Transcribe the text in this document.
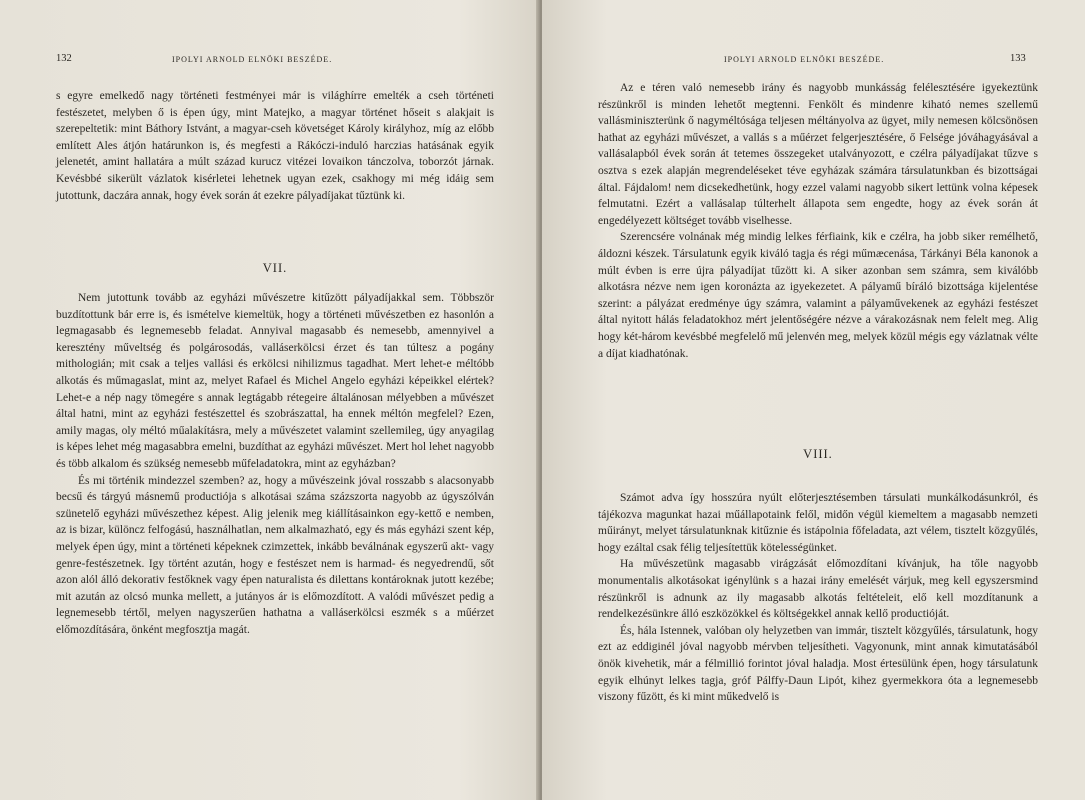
132	IPOLYI ARNOLD ELNÖKI BESZÉDE.

s egyre emelkedő nagy történeti festményei már is világhírre emelték a cseh történeti festészetet, melyben ő is épen úgy, mint Matejko, a magyar történet hőseit s alakjait is szerepeltetik: mint Báthory Istvánt, a magyar-cseh követséget Károly királyhoz, míg az előbb említett Ales átjón határunkon is, és megfesti a Rákóczi-induló harczias hatásának egyik jelenetét, amint hallatára a múlt század kurucz vitézei lovaikon tánczolva, toborzót járnak. Kevésbbé sikerült vázlatok kisérletei lehetnek ugyan ezek, csakhogy mi még idáig sem jutottunk, daczára annak, hogy évek során át ezekre pályadíjakat tűztünk ki.

VII.

Nem jutottunk tovább az egyházi művészetre kitűzött pályadíjakkal sem. Többször buzdítottunk bár erre is, és ismételve kiemeltük, hogy a történeti művészetben ez hasonlón a legmagasabb és legnemesebb feladat. Annyival magasabb és nemesebb, amennyivel a keresztény műveltség és polgárosodás, valláserkölcsi érzet és tan túltesz a pogány mithologián; mit csak a teljes vallási és erkölcsi nihilizmus tagadhat. Mert lehet-e méltóbb alkotás és műmagaslat, mint az, melyet Rafael és Michel Angelo egyházi képeikkel elértek? Lehet-e a nép nagy tömegére s annak legtágabb rétegeire általánosan mélyebben a művészet által hatni, mint az egyházi festészettel és szobrászattal, ha ennek méltón megfelel? Ezen, amily magas, oly méltó műalakításra, mely a művészetet valamint szellemileg, úgy anyagilag is képes lehet még magasabbra emelni, buzdíthat az egyházi művészet. Mert hol lehet nagyobb és több alkalom és szükség nemesebb műfeladatokra, mint az egyházban?

És mi történik mindezzel szemben? az, hogy a művészeink jóval rosszabb s alacsonyabb becsű és tárgyú másnemű productiója s alkotásai száma százszorta nagyobb az úgyszólván szünetelő egyházi művészethez képest. Alig jelenik meg kiállításainkon egy-kettő e nemben, az is bizar, különcz felfogású, használhatlan, nem alkalmazható, egy és más egyházi szent kép, melyek épen úgy, mint a történeti képeknek czimzettek, inkább beválnának egyszerű akt- vagy genre-festészetnek. Igy történt azután, hogy e festészet nem is harmad- és negyedrendű, sőt azon alól álló dekorativ festőknek vagy épen naturalista és dilettans kontároknak jutott kezébe; mit azután az olcsó munka mellett, a jutányos ár is előmozdított. A valódi művészet pedig a legnemesebb tértől, melyen nagyszerűen hathatna a valláserkölcsi eszmék s a műérzet előmozdítására, önként megfosztja magát.

IPOLYI ARNOLD ELNÖKI BESZÉDE.	133

Az e téren való nemesebb irány és nagyobb munkásság felélesztésére igyekeztünk részünkről is minden lehetőt megtenni. Fenkölt és mindenre kiható nemes szellemű vallásminiszterünk ő nagyméltósága teljesen méltányolva az ügyet, mily nemesen kölcsönösen hathat az egyházi művészet, a vallás s a műérzet felgerjesztésére, ő Felsége jóváhagyásával a vallásalapból évek során át tetemes összegeket utalványozott, e czélra pályadíjakat tűzve s osztva s ezek alapján megrendeléseket téve egyházak számára társulatunkban és bizottságai által. Fájdalom! nem dicsekedhetünk, hogy ezzel valami nagyobb sikert lettünk volna képesek felmutatni. Ezért a vallásalap túlterhelt állapota sem engedte, hogy az évek során át engedélyezett költséget tovább viselhesse.

Szerencsére volnának még mindig lelkes férfiaink, kik e czélra, ha jobb siker remélhető, áldozni készek. Társulatunk egyik kiváló tagja és régi műmæcenása, Tárkányi Béla kanonok a múlt évben is erre újra pályadíjat tűzött ki. A siker azonban sem számra, sem kiválóbb alkotásra nézve nem igen koronázta az igyekezetet. A pályamű bíráló bizottsága kijelentése szerint: a pályázat eredménye úgy számra, valamint a pályaművekenek az egyházi festészet által nyitott hálás feladatokhoz mért jelentőségére nézve a várakozásnak nem felelt meg. Alig hogy két-három kevésbbé megfelelő mű jelenvén meg, melyek közül mégis egy vázlatnak vélte a díjat kiadhatónak.

VIII.

Számot adva így hosszúra nyúlt előterjesztésemben társulati munkálkodásunkról, és tájékozva magunkat hazai műállapotaink felől, midőn végül kiemeltem a magasabb nemzeti műirányt, melyet társulatunknak kitűznie és istápolnia főfeladata, azt vélem, tisztelt közgyűlés, hogy ezáltal csak félig teljesítettük kötelességünket.

Ha művészetünk magasabb virágzását előmozdítani kívánjuk, ha tőle nagyobb monumentalis alkotásokat igénylünk s a hazai irány emelését várjuk, meg kell egyszersmind részünkről is adnunk az ily magasabb alkotás feltételeit, elő kell mozdítanunk a rendelkezésünkre álló eszközökkel és költségekkel annak kellő productióját.

És, hála Istennek, valóban oly helyzetben van immár, tisztelt közgyűlés, társulatunk, hogy ezt az eddiginél jóval nagyobb mérvben teljesítheti. Vagyonunk, mint annak kimutatásából önök kivehetik, már a félmillió forintot jóval haladja. Most értesülünk épen, hogy társulatunk egyik elhúnyt lelkes tagja, gróf Pálffy-Daun Lipót, kihez gyermekkora óta a legnemesebb viszony fűzött, és ki mint műkedvelő is
